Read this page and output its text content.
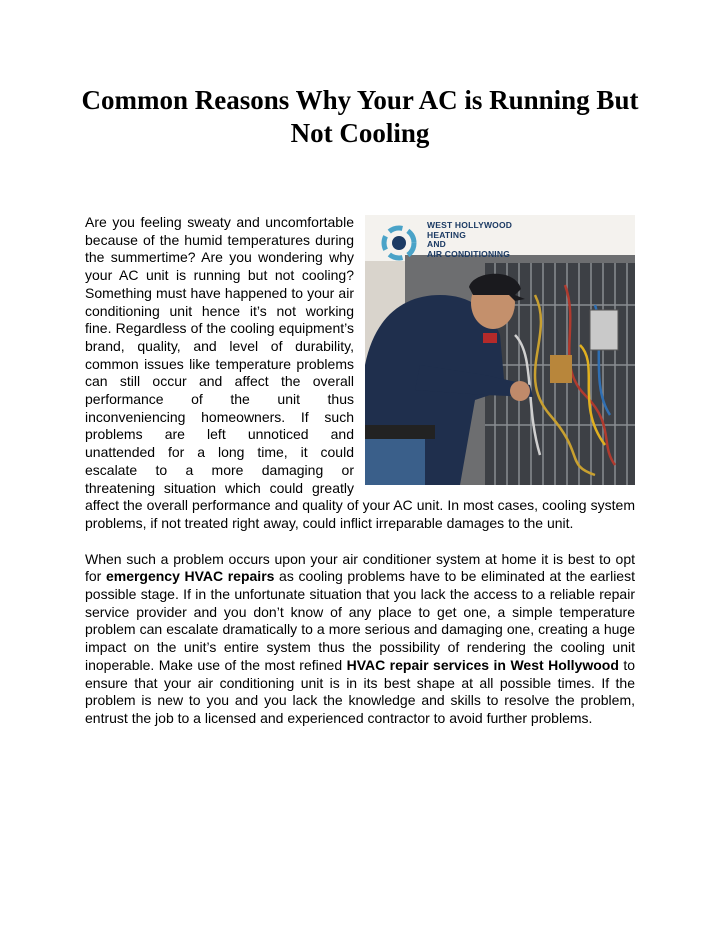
Common Reasons Why Your AC is Running But Not Cooling

WEST HOLLYWOOD
HEATING
AND
AIR CONDITIONING
Are you feeling sweaty and uncomfortable because of the humid temperatures during the summertime? Are you wondering why your AC unit is running but not cooling? Something must have happened to your air conditioning unit hence it’s not working fine. Regardless of the cooling equipment’s brand, quality, and level of durability, common issues like temperature problems can still occur and affect the overall performance of the unit thus inconveniencing homeowners. If such problems are left unnoticed and unattended for a long time, it could escalate to a more damaging or threatening situation which could greatly affect the overall performance and quality of your AC unit. In most cases, cooling system problems, if not treated right away, could inflict irreparable damages to the unit.

When such a problem occurs upon your air conditioner system at home it is best to opt for emergency HVAC repairs as cooling problems have to be eliminated at the earliest possible stage. If in the unfortunate situation that you lack the access to a reliable repair service provider and you don’t know of any place to get one, a simple temperature problem can escalate dramatically to a more serious and damaging one, creating a huge impact on the unit’s entire system thus the possibility of rendering the cooling unit inoperable. Make use of the most refined HVAC repair services in West Hollywood to ensure that your air conditioning unit is in its best shape at all possible times. If the problem is new to you and you lack the knowledge and skills to resolve the problem, entrust the job to a licensed and experienced contractor to avoid further problems.
